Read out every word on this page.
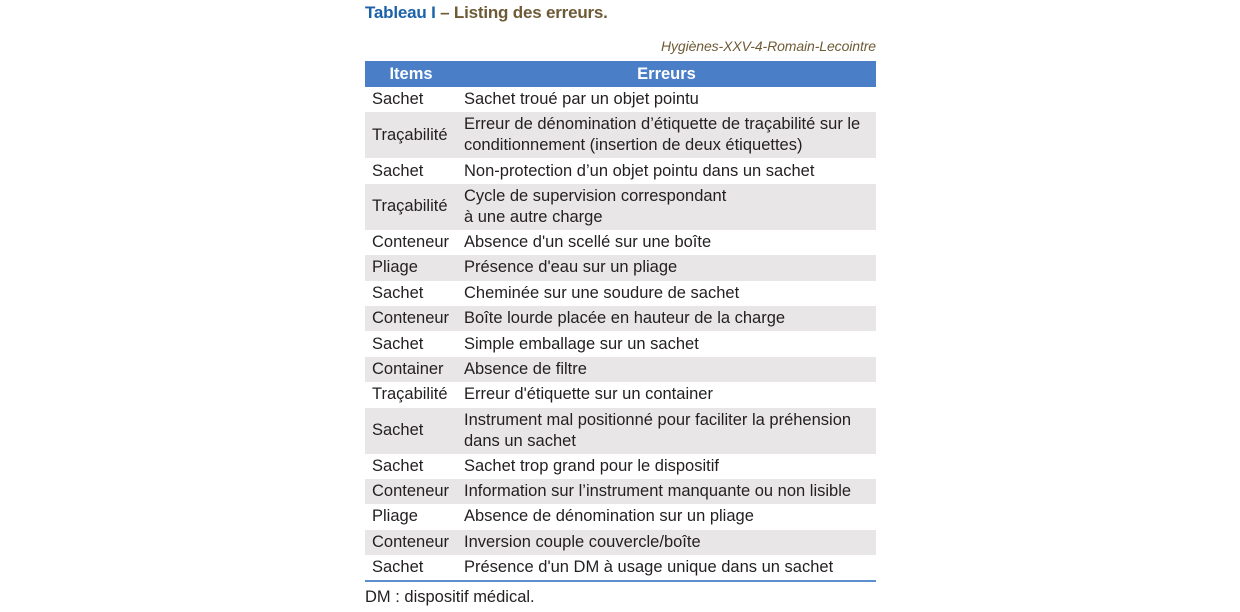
Tableau I – Listing des erreurs.
Hygiènes-XXV-4-Romain-Lecointre
Items	Erreurs
Sachet	Sachet troué par un objet pointu
Traçabilité	Erreur de dénomination d’étiquette de traçabilité sur le conditionnement (insertion de deux étiquettes)
Sachet	Non-protection d’un objet pointu dans un sachet
Traçabilité	Cycle de supervision correspondant
à une autre charge
Conteneur	Absence d'un scellé sur une boîte
Pliage	Présence d'eau sur un pliage
Sachet	Cheminée sur une soudure de sachet
Conteneur	Boîte lourde placée en hauteur de la charge
Sachet	Simple emballage sur un sachet
Container	Absence de filtre
Traçabilité	Erreur d'étiquette sur un container
Sachet	Instrument mal positionné pour faciliter la préhension dans un sachet
Sachet	Sachet trop grand pour le dispositif
Conteneur	Information sur l’instrument manquante ou non lisible
Pliage	Absence de dénomination sur un pliage
Conteneur	Inversion couple couvercle/boîte
Sachet	Présence d'un DM à usage unique dans un sachet
DM : dispositif médical.
